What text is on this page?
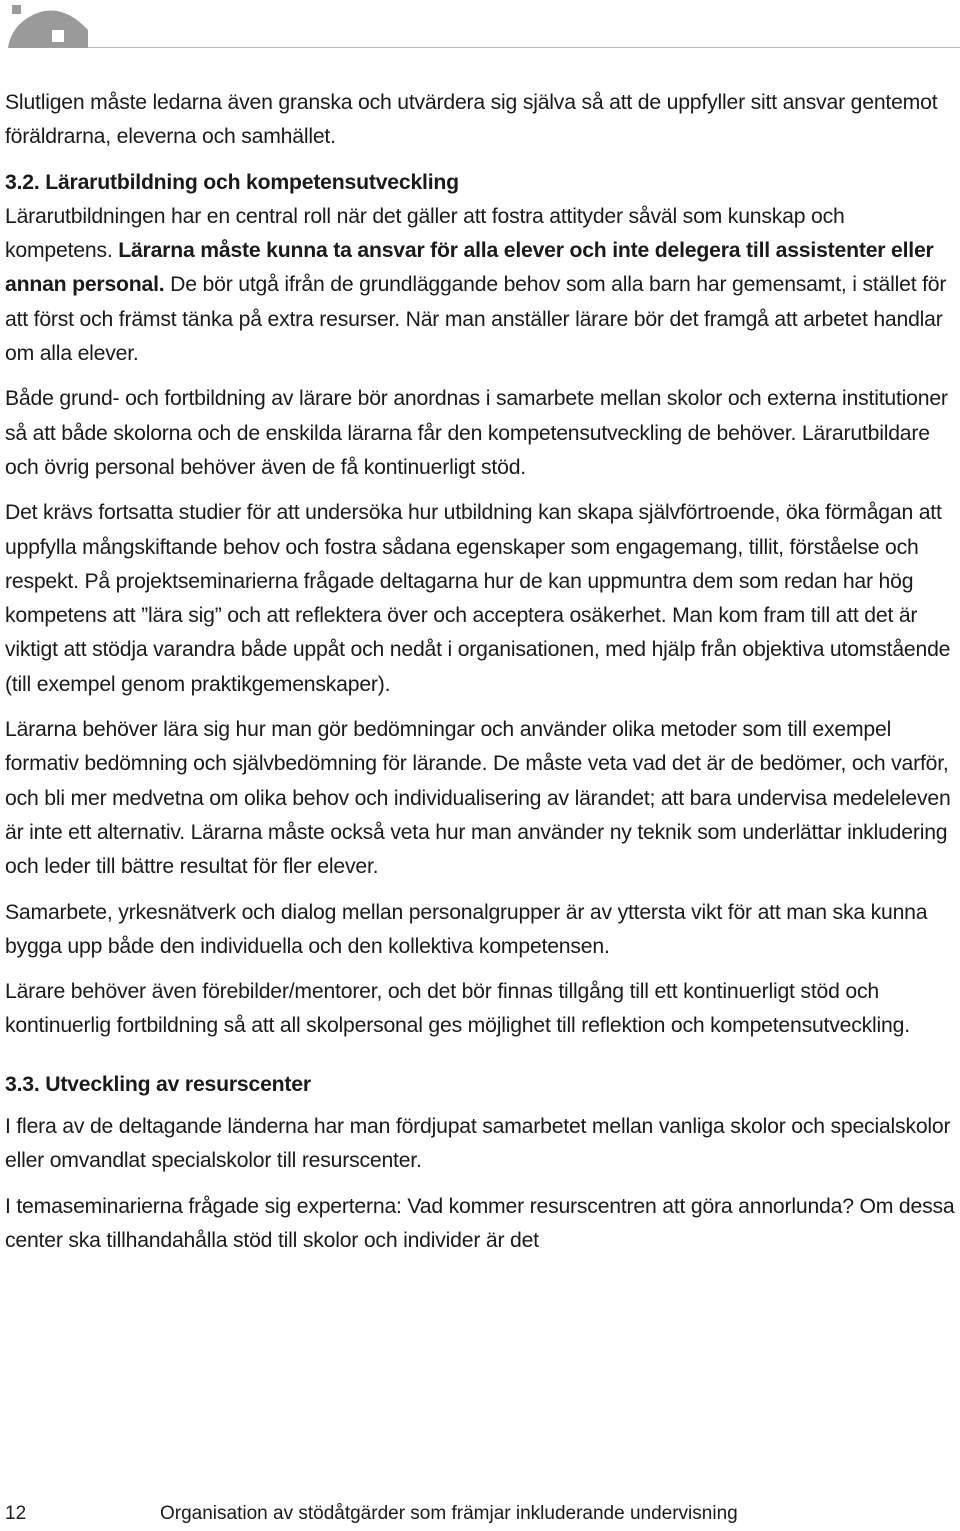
Slutligen måste ledarna även granska och utvärdera sig själva så att de uppfyller sitt ansvar gentemot föräldrarna, eleverna och samhället.

3.2. Lärarutbildning och kompetensutveckling

Lärarutbildningen har en central roll när det gäller att fostra attityder såväl som kunskap och kompetens. Lärarna måste kunna ta ansvar för alla elever och inte delegera till assistenter eller annan personal. De bör utgå ifrån de grundläggande behov som alla barn har gemensamt, i stället för att först och främst tänka på extra resurser. När man anställer lärare bör det framgå att arbetet handlar om alla elever.

Både grund- och fortbildning av lärare bör anordnas i samarbete mellan skolor och externa institutioner så att både skolorna och de enskilda lärarna får den kompetensutveckling de behöver. Lärarutbildare och övrig personal behöver även de få kontinuerligt stöd.

Det krävs fortsatta studier för att undersöka hur utbildning kan skapa självförtroende, öka förmågan att uppfylla mångskiftande behov och fostra sådana egenskaper som engagemang, tillit, förståelse och respekt. På projektseminarierna frågade deltagarna hur de kan uppmuntra dem som redan har hög kompetens att ”lära sig” och att reflektera över och acceptera osäkerhet. Man kom fram till att det är viktigt att stödja varandra både uppåt och nedåt i organisationen, med hjälp från objektiva utomstående (till exempel genom praktikgemenskaper).

Lärarna behöver lära sig hur man gör bedömningar och använder olika metoder som till exempel formativ bedömning och självbedömning för lärande. De måste veta vad det är de bedömer, och varför, och bli mer medvetna om olika behov och individualisering av lärandet; att bara undervisa medeleleven är inte ett alternativ. Lärarna måste också veta hur man använder ny teknik som underlättar inkludering och leder till bättre resultat för fler elever.

Samarbete, yrkesnätverk och dialog mellan personalgrupper är av yttersta vikt för att man ska kunna bygga upp både den individuella och den kollektiva kompetensen.

Lärare behöver även förebilder/mentorer, och det bör finnas tillgång till ett kontinuerligt stöd och kontinuerlig fortbildning så att all skolpersonal ges möjlighet till reflektion och kompetensutveckling.

3.3. Utveckling av resurscenter

I flera av de deltagande länderna har man fördjupat samarbetet mellan vanliga skolor och specialskolor eller omvandlat specialskolor till resurscenter.

I temaseminarierna frågade sig experterna: Vad kommer resurscentren att göra annorlunda? Om dessa center ska tillhandahålla stöd till skolor och individer är det

12	Organisation av stödåtgärder som främjar inkluderande undervisning
